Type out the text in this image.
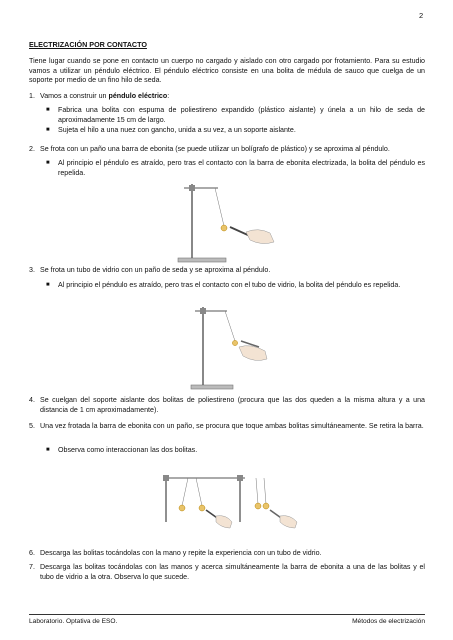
2
ELECTRIZACIÓN POR CONTACTO
Tiene lugar cuando se pone en contacto un cuerpo no cargado y aislado con otro cargado por frotamiento. Para su estudio vamos a utilizar un péndulo eléctrico. El péndulo eléctrico consiste en una bolita de médula de sauco que cuelga de un soporte por medio de un fino hilo de seda.
1. Vamos a construir un péndulo eléctrico:
■ Fabrica una bolita con espuma de poliestireno expandido (plástico aislante) y únela a un hilo de seda de aproximadamente 15 cm de largo.
■ Sujeta el hilo a una nuez con gancho, unida a su vez, a un soporte aislante.
2. Se frota con un paño una barra de ebonita (se puede utilizar un bolígrafo de plástico) y se aproxima al péndulo.
■ Al principio el péndulo es atraído, pero tras el contacto con la barra de ebonita electrizada, la bolita del péndulo es repelida.
3. Se frota un tubo de vidrio con un paño de seda y se aproxima al péndulo.
■ Al principio el péndulo es atraído, pero tras el contacto con el tubo de vidrio, la bolita del péndulo es repelida.
4. Se cuelgan del soporte aislante dos bolitas de poliestireno (procura que las dos queden a la misma altura y a una distancia de 1 cm aproximadamente).
5. Una vez frotada la barra de ebonita con un paño, se procura que toque ambas bolitas simultáneamente. Se retira la barra.
■ Observa como interaccionan las dos bolitas.
6. Descarga las bolitas tocándolas con la mano y repite la experiencia con un tubo de vidrio.
7. Descarga las bolitas tocándolas con las manos y acerca simultáneamente la barra de ebonita a una de las bolitas y el tubo de vidrio a la otra. Observa lo que sucede.
Laboratorio. Optativa de ESO.	Métodos de electrización
